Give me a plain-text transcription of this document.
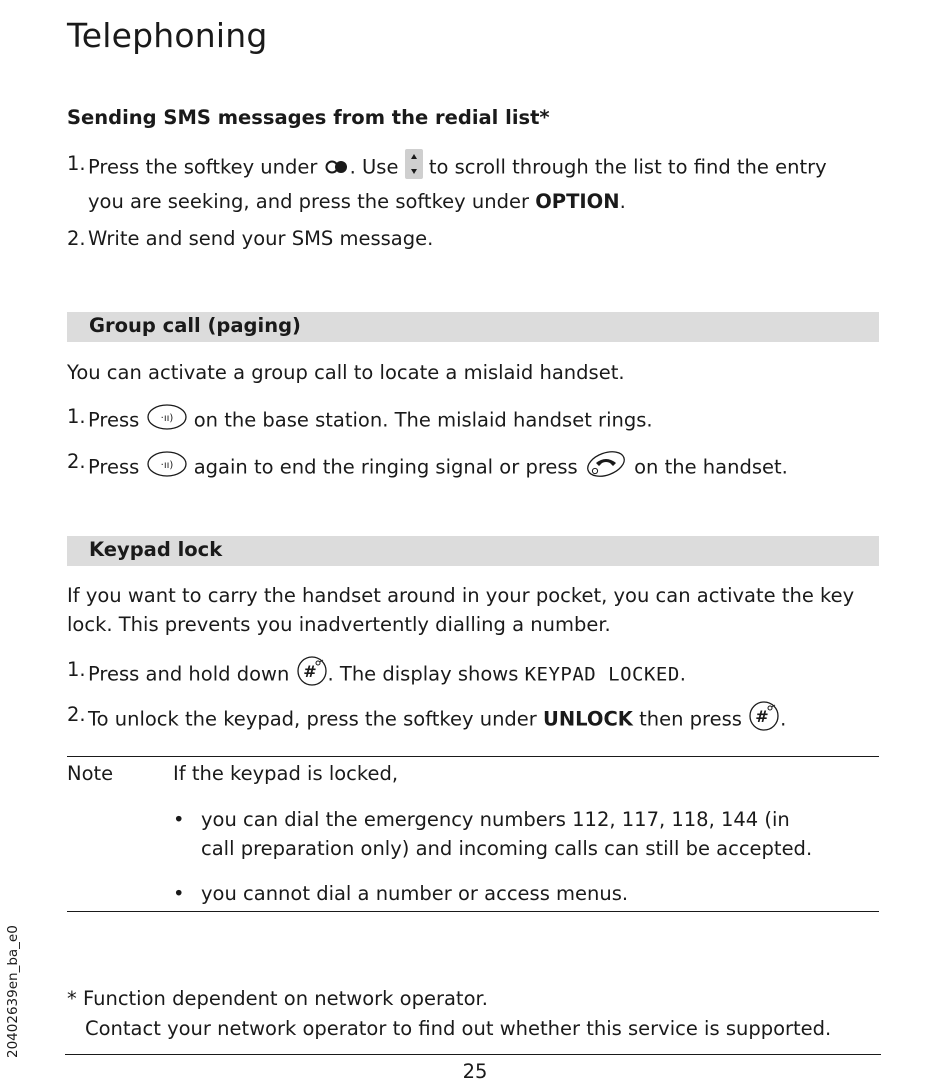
Telephoning
Sending SMS messages from the redial list*
1. Press the softkey under . Use  to scroll through the list to find the entry you are seeking, and press the softkey under OPTION.
2. Write and send your SMS message.
Group call (paging)
You can activate a group call to locate a mislaid handset.
1. Press ·ıı) on the base station. The mislaid handset rings.
2. Press ·ıı) again to end the ringing signal or press  on the handset.
Keypad lock
If you want to carry the handset around in your pocket, you can activate the key lock. This prevents you inadvertently dialling a number.
1. Press and hold down # . The display shows KEYPAD LOCKED.
2. To unlock the keypad, press the softkey under UNLOCK then press # .
Note	If the keypad is locked,
• you can dial the emergency numbers 112, 117, 118, 144 (in call preparation only) and incoming calls can still be accepted.
• you cannot dial a number or access menus.
* Function dependent on network operator.
Contact your network operator to find out whether this service is supported.
20402639en_ba_e0
25
